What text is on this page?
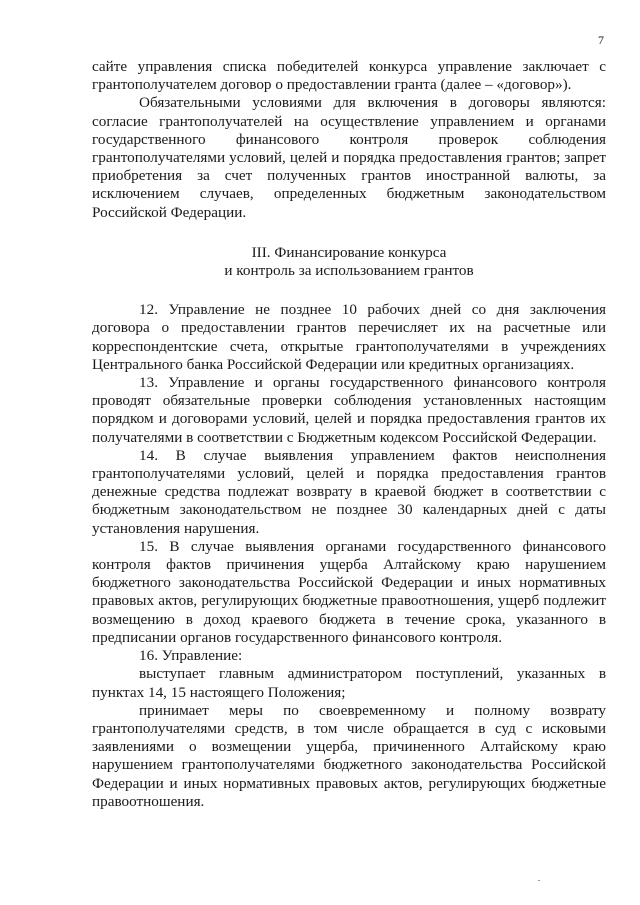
7

сайте управления списка победителей конкурса управление заключает с грантополучателем договор о предоставлении гранта (далее – «договор»).

Обязательными условиями для включения в договоры являются: согласие грантополучателей на осуществление управлением и органами государственного финансового контроля проверок соблюдения грантополучателями условий, целей и порядка предоставления грантов; запрет приобретения за счет полученных грантов иностранной валюты, за исключением случаев, определенных бюджетным законодательством Российской Федерации.

III. Финансирование конкурса
и контроль за использованием грантов

12. Управление не позднее 10 рабочих дней со дня заключения договора о предоставлении грантов перечисляет их на расчетные или корреспондентские счета, открытые грантополучателями в учреждениях Центрального банка Российской Федерации или кредитных организациях.

13. Управление и органы государственного финансового контроля проводят обязательные проверки соблюдения установленных настоящим порядком и договорами условий, целей и порядка предоставления грантов их получателями в соответствии с Бюджетным кодексом Российской Федерации.

14. В случае выявления управлением фактов неисполнения грантополучателями условий, целей и порядка предоставления грантов денежные средства подлежат возврату в краевой бюджет в соответствии с бюджетным законодательством не позднее 30 календарных дней с даты установления нарушения.

15. В случае выявления органами государственного финансового контроля фактов причинения ущерба Алтайскому краю нарушением бюджетного законодательства Российской Федерации и иных нормативных правовых актов, регулирующих бюджетные правоотношения, ущерб подлежит возмещению в доход краевого бюджета в течение срока, указанного в предписании органов государственного финансового контроля.

16. Управление:

выступает главным администратором поступлений, указанных в пунктах 14, 15 настоящего Положения;

принимает меры по своевременному и полному возврату грантополучателями средств, в том числе обращается в суд с исковыми заявлениями о возмещении ущерба, причиненного Алтайскому краю нарушением грантополучателями бюджетного законодательства Российской Федерации и иных нормативных правовых актов, регулирующих бюджетные правоотношения.
